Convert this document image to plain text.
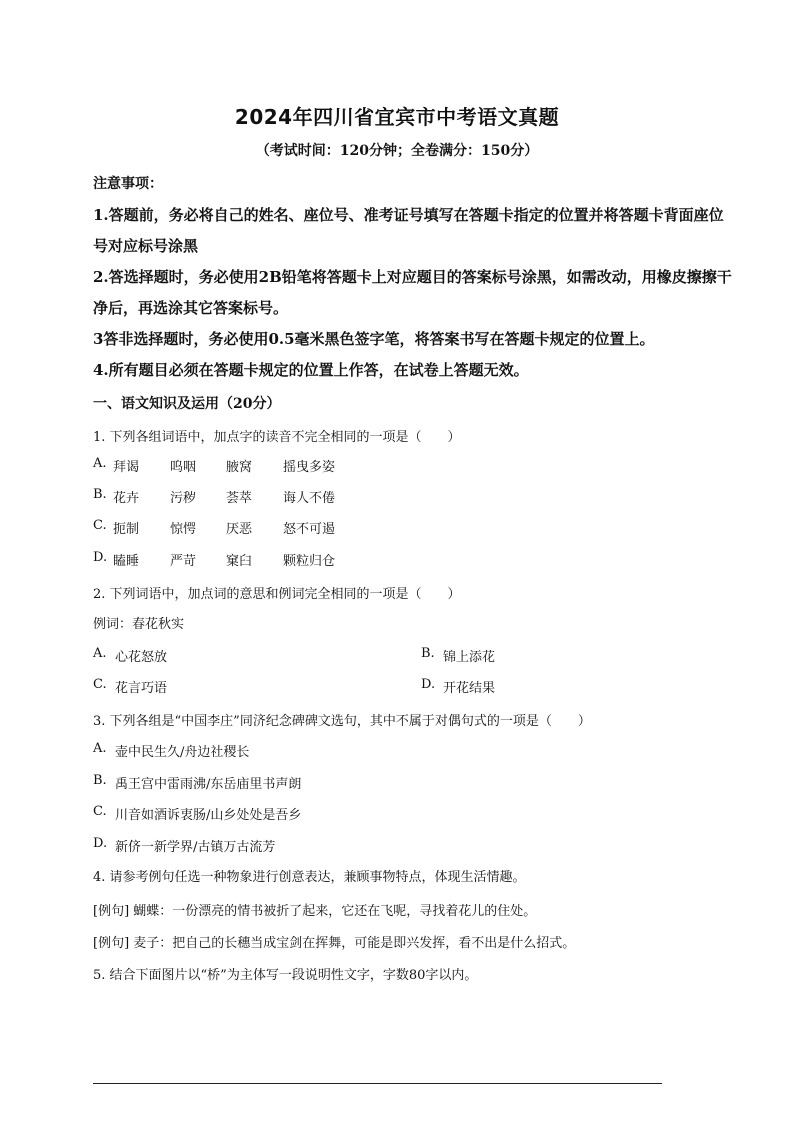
2024年四川省宜宾市中考语文真题
（考试时间：120分钟；全卷满分：150分）
注意事项：
1.答题前，务必将自己的姓名、座位号、准考证号填写在答题卡指定的位置并将答题卡背面座位号对应标号涂黑
2.答选择题时，务必使用2B铅笔将答题卡上对应题目的答案标号涂黑，如需改动，用橡皮擦擦干净后，再选涂其它答案标号。
3答非选择题时，务必使用0.5毫米黑色签字笔，将答案书写在答题卡规定的位置上。
4.所有题目必须在答题卡规定的位置上作答，在试卷上答题无效。
一、语文知识及运用（20分）
1. 下列各组词语中，加点字的读音不完全相同的一项是（　　）
A. 拜谒 呜咽 腋窝 摇曳多姿
B. 花卉 污秽 荟萃 诲人不倦
C. 扼制 惊愕 厌恶 怒不可遏
D. 瞌睡 严苛 窠臼 颗粒归仓
2. 下列词语中，加点词的意思和例词完全相同的一项是（　　）
例词：春花秋实
A. 心花怒放	B. 锦上添花
C. 花言巧语	D. 开花结果
3. 下列各组是“中国李庄”同济纪念碑碑文选句，其中不属于对偶句式的一项是（　　）
A. 壶中民生久/舟边社稷长
B. 禹王宫中雷雨沸/东岳庙里书声朗
C. 川音如酒诉衷肠/山乡处处是吾乡
D. 新侪一新学界/古镇万古流芳
4. 请参考例句任选一种物象进行创意表达，兼顾事物特点，体现生活情趣。
[例句] 蝴蝶：一份漂亮的情书被折了起来，它还在飞呢，寻找着花儿的住处。
[例句] 麦子：把自己的长穗当成宝剑在挥舞，可能是即兴发挥，看不出是什么招式。
5. 结合下面图片以“桥”为主体写一段说明性文字，字数80字以内。
